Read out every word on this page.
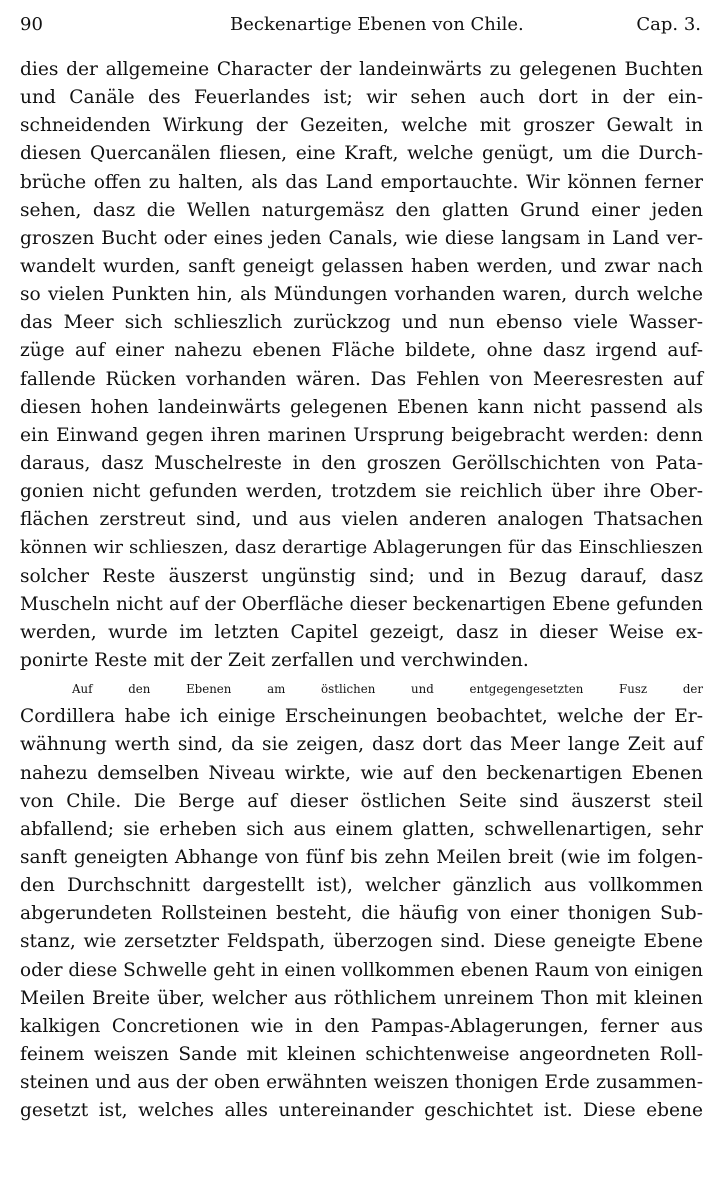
90	Beckenartige Ebenen von Chile.	Cap. 3.
dies der allgemeine Character der landeinwärts zu gelegenen Buchten
und Canäle des Feuerlandes ist; wir sehen auch dort in der ein-
schneidenden Wirkung der Gezeiten, welche mit groszer Gewalt in
diesen Quercanälen fliesen, eine Kraft, welche genügt, um die Durch-
brüche offen zu halten, als das Land emportauchte. Wir können ferner
sehen, dasz die Wellen naturgemäsz den glatten Grund einer jeden
groszen Bucht oder eines jeden Canals, wie diese langsam in Land ver-
wandelt wurden, sanft geneigt gelassen haben werden, und zwar nach
so vielen Punkten hin, als Mündungen vorhanden waren, durch welche
das Meer sich schlieszlich zurückzog und nun ebenso viele Wasser-
züge auf einer nahezu ebenen Fläche bildete, ohne dasz irgend auf-
fallende Rücken vorhanden wären. Das Fehlen von Meeresresten auf
diesen hohen landeinwärts gelegenen Ebenen kann nicht passend als
ein Einwand gegen ihren marinen Ursprung beigebracht werden: denn
daraus, dasz Muschelreste in den groszen Geröllschichten von Pata-
gonien nicht gefunden werden, trotzdem sie reichlich über ihre Ober-
flächen zerstreut sind, und aus vielen anderen analogen Thatsachen
können wir schlieszen, dasz derartige Ablagerungen für das Einschlieszen
solcher Reste äuszerst ungünstig sind; und in Bezug darauf, dasz
Muscheln nicht auf der Oberfläche dieser beckenartigen Ebene gefunden
werden, wurde im letzten Capitel gezeigt, dasz in dieser Weise ex-
ponirte Reste mit der Zeit zerfallen und verchwinden.
Auf den Ebenen am östlichen und entgegengesetzten Fusz der
Cordillera habe ich einige Erscheinungen beobachtet, welche der Er-
wähnung werth sind, da sie zeigen, dasz dort das Meer lange Zeit auf
nahezu demselben Niveau wirkte, wie auf den beckenartigen Ebenen
von Chile. Die Berge auf dieser östlichen Seite sind äuszerst steil
abfallend; sie erheben sich aus einem glatten, schwellenartigen, sehr
sanft geneigten Abhange von fünf bis zehn Meilen breit (wie im folgen-
den Durchschnitt dargestellt ist), welcher gänzlich aus vollkommen
abgerundeten Rollsteinen besteht, die häufig von einer thonigen Sub-
stanz, wie zersetzter Feldspath, überzogen sind. Diese geneigte Ebene
oder diese Schwelle geht in einen vollkommen ebenen Raum von einigen
Meilen Breite über, welcher aus röthlichem unreinem Thon mit kleinen
kalkigen Concretionen wie in den Pampas-Ablagerungen, ferner aus
feinem weiszen Sande mit kleinen schichtenweise angeordneten Roll-
steinen und aus der oben erwähnten weiszen thonigen Erde zusammen-
gesetzt ist, welches alles untereinander geschichtet ist. Diese ebene
